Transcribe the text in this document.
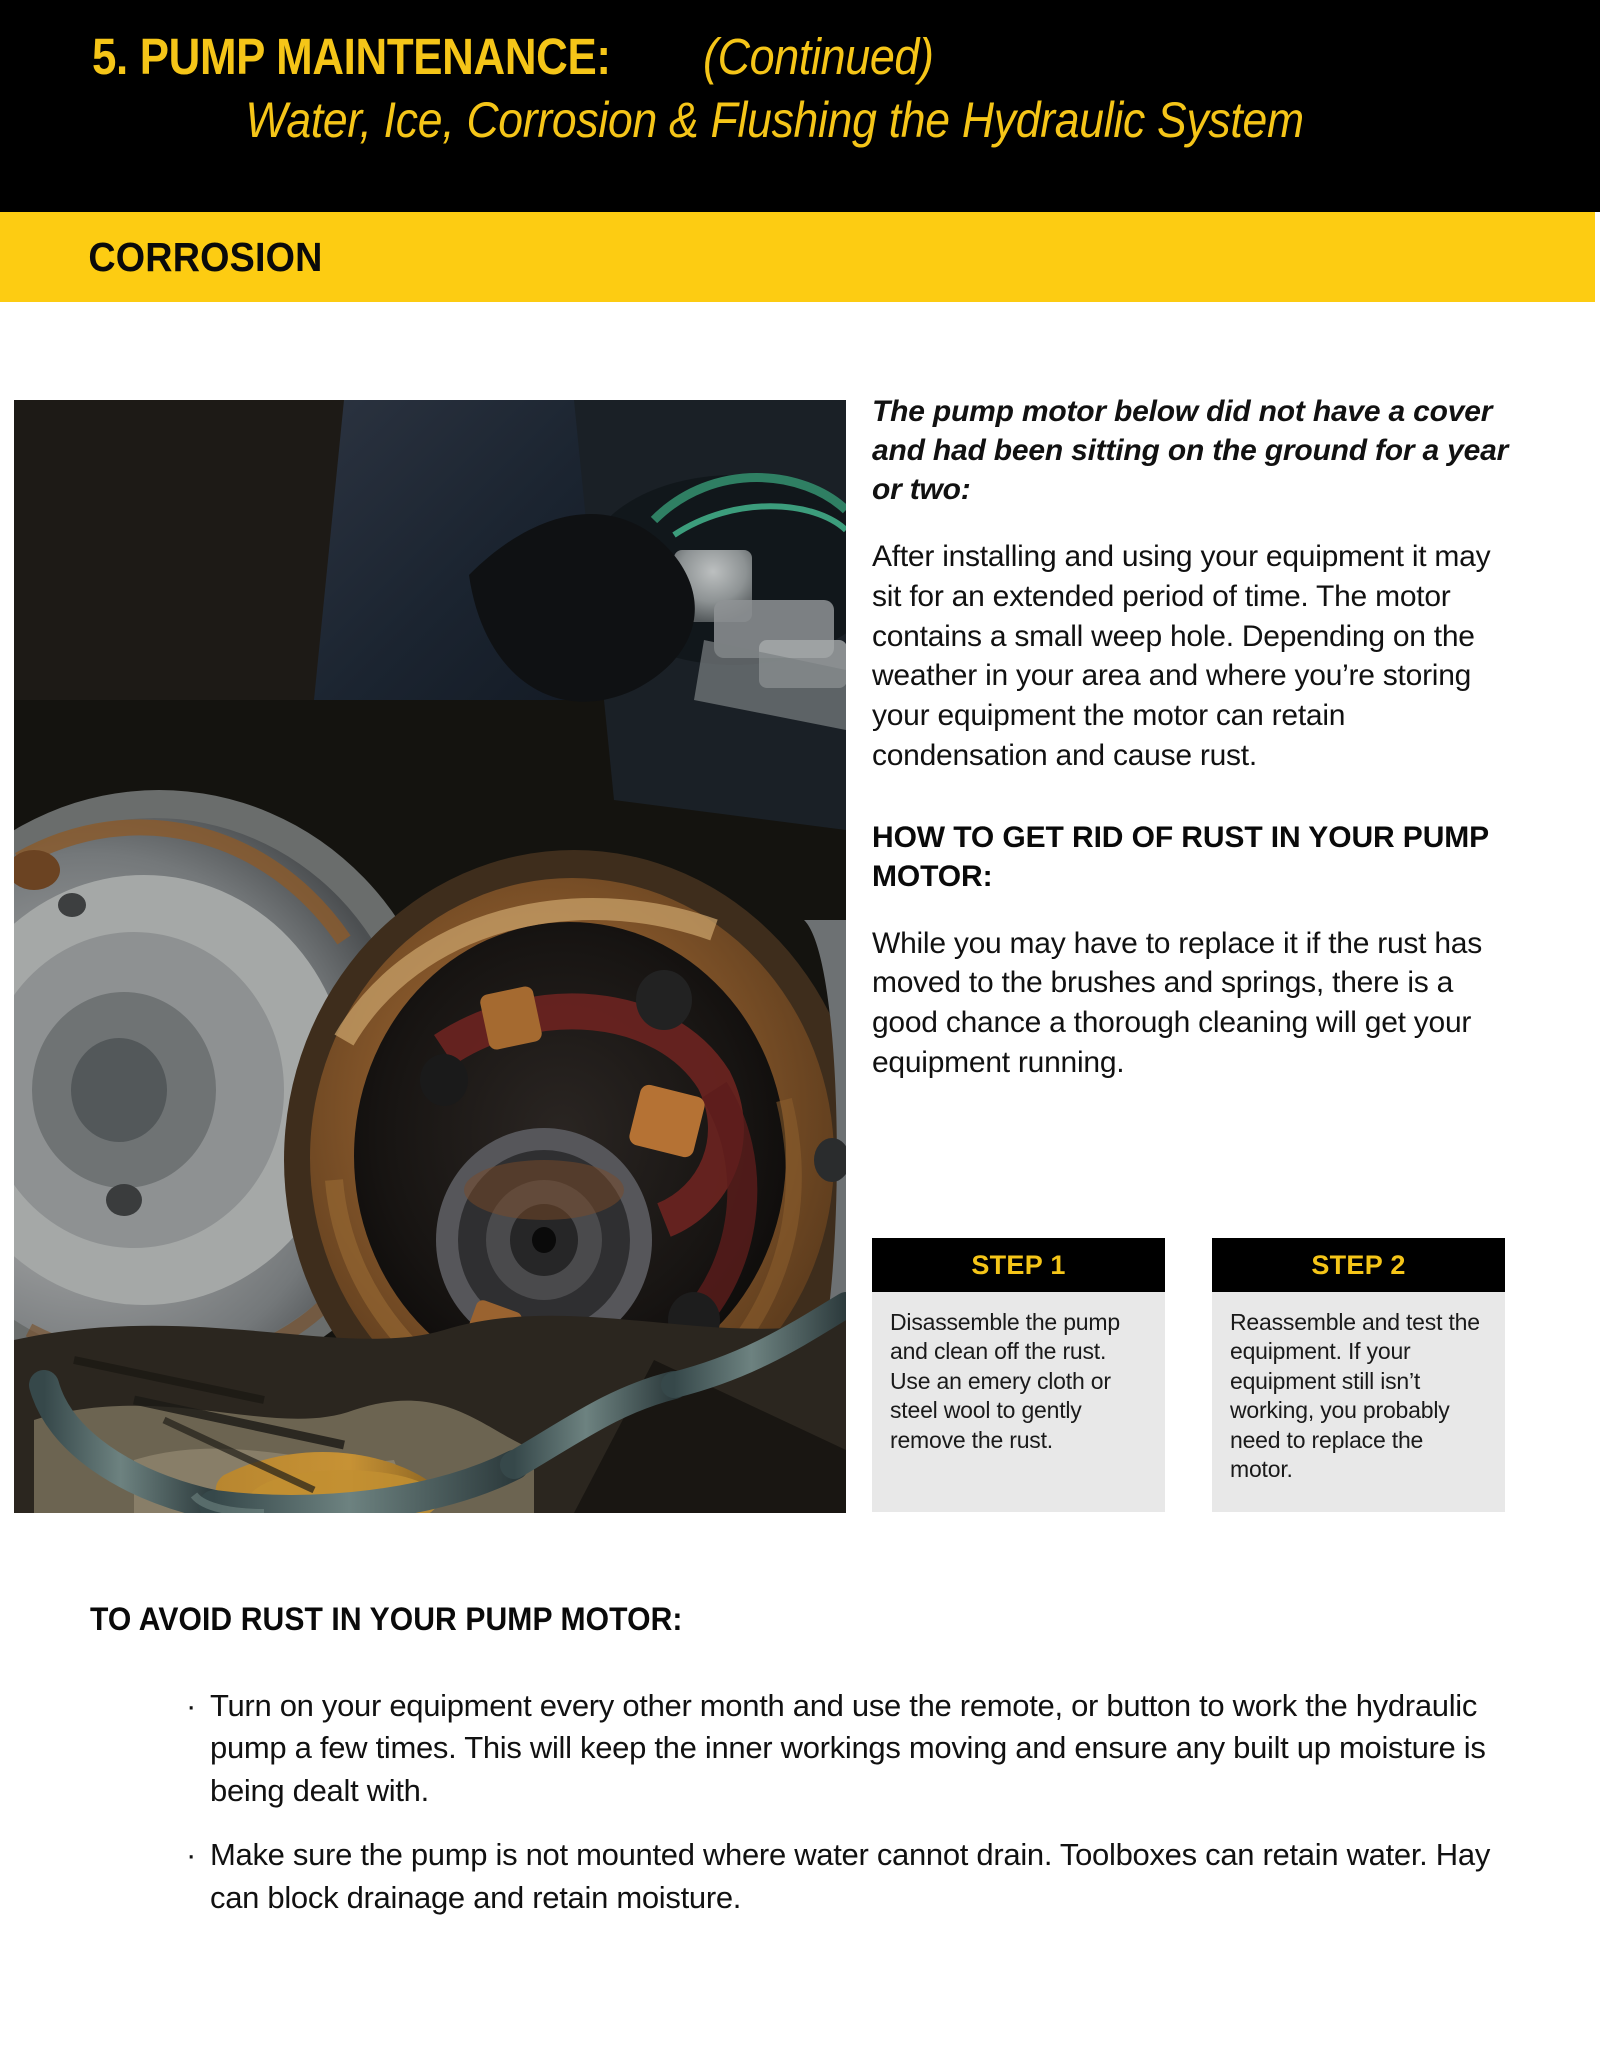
5. PUMP MAINTENANCE: (Continued)
Water, Ice, Corrosion & Flushing the Hydraulic System
CORROSION

The pump motor below did not have a cover and had been sitting on the ground for a year or two:

After installing and using your equipment it may sit for an extended period of time. The motor contains a small weep hole. Depending on the weather in your area and where you’re storing your equipment the motor can retain condensation and cause rust.

HOW TO GET RID OF RUST IN YOUR PUMP MOTOR:

While you may have to replace it if the rust has moved to the brushes and springs, there is a good chance a thorough cleaning will get your equipment running.

STEP 1
Disassemble the pump and clean off the rust. Use an emery cloth or steel wool to gently remove the rust.
STEP 2
Reassemble and test the equipment. If your equipment still isn’t working, you probably need to replace the motor.
TO AVOID RUST IN YOUR PUMP MOTOR:
· Turn on your equipment every other month and use the remote, or button to work the hydraulic pump a few times. This will keep the inner workings moving and ensure any built up moisture is being dealt with.
· Make sure the pump is not mounted where water cannot drain. Toolboxes can retain water. Hay can block drainage and retain moisture.
